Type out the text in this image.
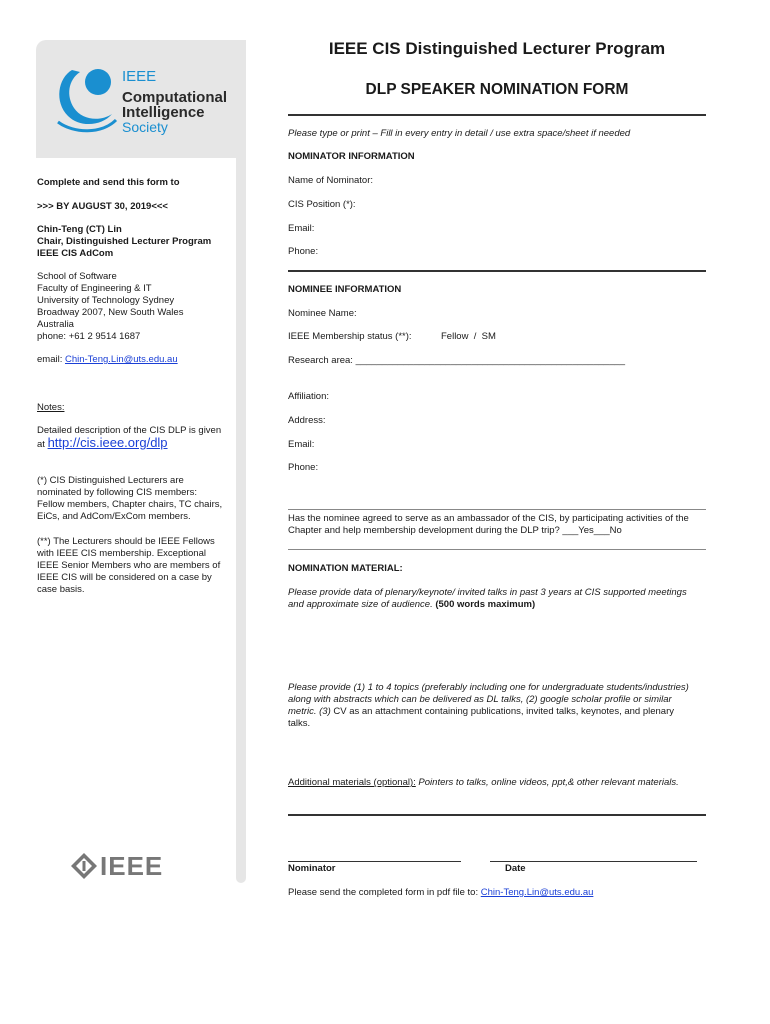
IEEE
Computational
Intelligence
Society
Complete and send this form to
>>> BY AUGUST 30, 2019<<<
Chin-Teng (CT) Lin
Chair, Distinguished Lecturer Program
IEEE CIS AdCom
School of Software
Faculty of Engineering & IT
University of Technology Sydney
Broadway 2007, New South Wales
Australia
phone: +61 2 9514 1687
email: Chin-Teng.Lin@uts.edu.au
Notes:
Detailed description of the CIS DLP is given
at http://cis.ieee.org/dlp
(*) CIS Distinguished Lecturers are
nominated by following CIS members:
Fellow members, Chapter chairs, TC chairs,
EiCs, and AdCom/ExCom members.
(**) The Lecturers should be IEEE Fellows
with IEEE CIS membership. Exceptional
IEEE Senior Members who are members of
IEEE CIS will be considered on a case by
case basis.
IEEE
IEEE CIS Distinguished Lecturer Program
DLP SPEAKER NOMINATION FORM
Please type or print – Fill in every entry in detail / use extra space/sheet if needed
NOMINATOR INFORMATION
Name of Nominator:
CIS Position (*):
Email:
Phone:
NOMINEE INFORMATION
Nominee Name:
IEEE Membership status (**):	Fellow  /  SM
Research area: ___________________________________________________
Affiliation:
Address:
Email:
Phone:
Has the nominee agreed to serve as an ambassador of the CIS, by participating activities of the Chapter and help membership development during the DLP trip? ___Yes___No
NOMINATION MATERIAL:
Please provide data of plenary/keynote/ invited talks in past 3 years at CIS supported meetings and approximate size of audience. (500 words maximum)
Please provide (1) 1 to 4 topics (preferably including one for undergraduate students/industries) along with abstracts which can be delivered as DL talks, (2) google scholar profile or similar metric. (3) CV as an attachment containing publications, invited talks, keynotes, and plenary talks.
Additional materials (optional): Pointers to talks, online videos, ppt,& other relevant materials.
Nominator	Date
Please send the completed form in pdf file to: Chin-Teng.Lin@uts.edu.au
